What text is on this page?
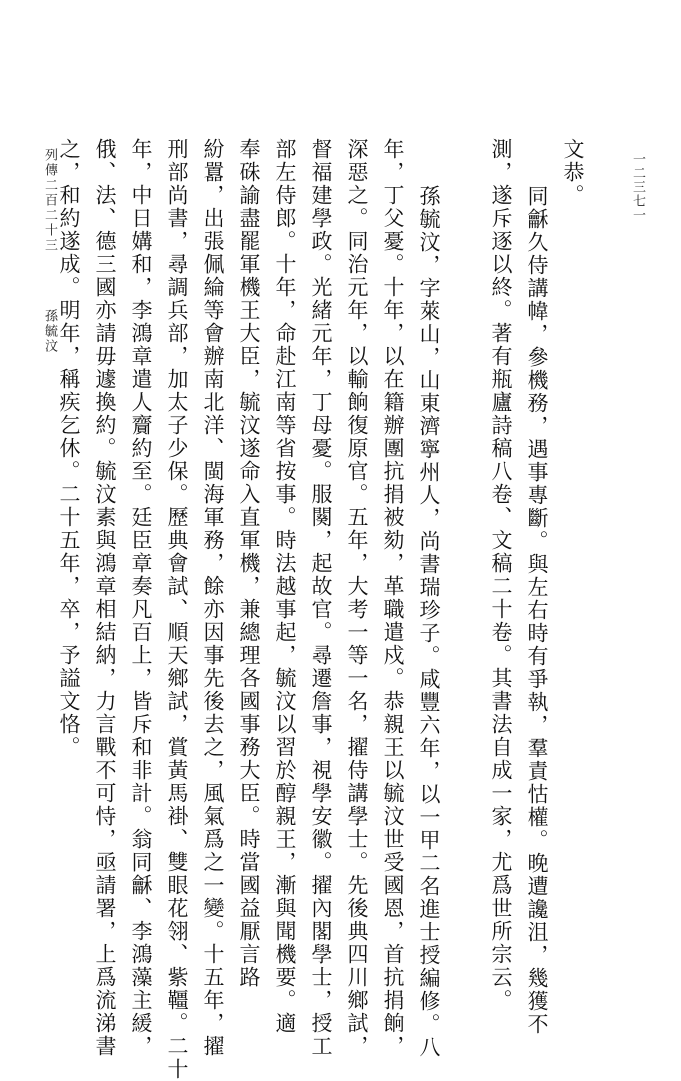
文恭。
同龢久侍講幃，參機務，遇事專斷。與左右時有爭執，羣責怙權。晚遭讒沮，幾獲不
測，遂斥逐以終。著有瓶廬詩稿八卷、文稿二十卷。其書法自成一家，尤爲世所宗云。
孫毓汶，字萊山，山東濟寧州人，尚書瑞珍子。咸豐六年，以一甲二名進士授編修。八
年，丁父憂。十年，以在籍辦團抗捐被劾，革職遣戍。恭親王以毓汶世受國恩，首抗捐餉，
深惡之。同治元年，以輸餉復原官。五年，大考一等一名，擢侍講學士。先後典四川鄉試，
督福建學政。光緒元年，丁母憂。服闋，起故官。尋遷詹事，視學安徽。擢內閣學士，授工
部左侍郎。十年，命赴江南等省按事。時法越事起，毓汶以習於醇親王，漸與聞機要。適
奉硃諭盡罷軍機王大臣，毓汶遂命入直軍機，兼總理各國事務大臣。時當國益厭言路
紛囂，出張佩綸等會辦南北洋、閩海軍務，餘亦因事先後去之，風氣爲之一變。十五年，擢
刑部尚書，尋調兵部，加太子少保。歷典會試、順天鄉試，賞黃馬褂、雙眼花翎、紫韁。二十
年，中日媾和，李鴻章遣人齎約至。廷臣章奏凡百上，皆斥和非計。翁同龢、李鴻藻主緩，
俄、法、德三國亦請毋遽換約。毓汶素與鴻章相結納，力言戰不可恃，亟請署，上爲流涕書
之，和約遂成。明年，稱疾乞休。二十五年，卒，予謚文恪。
列傳二百二十三  孫毓汶
一二三七一
